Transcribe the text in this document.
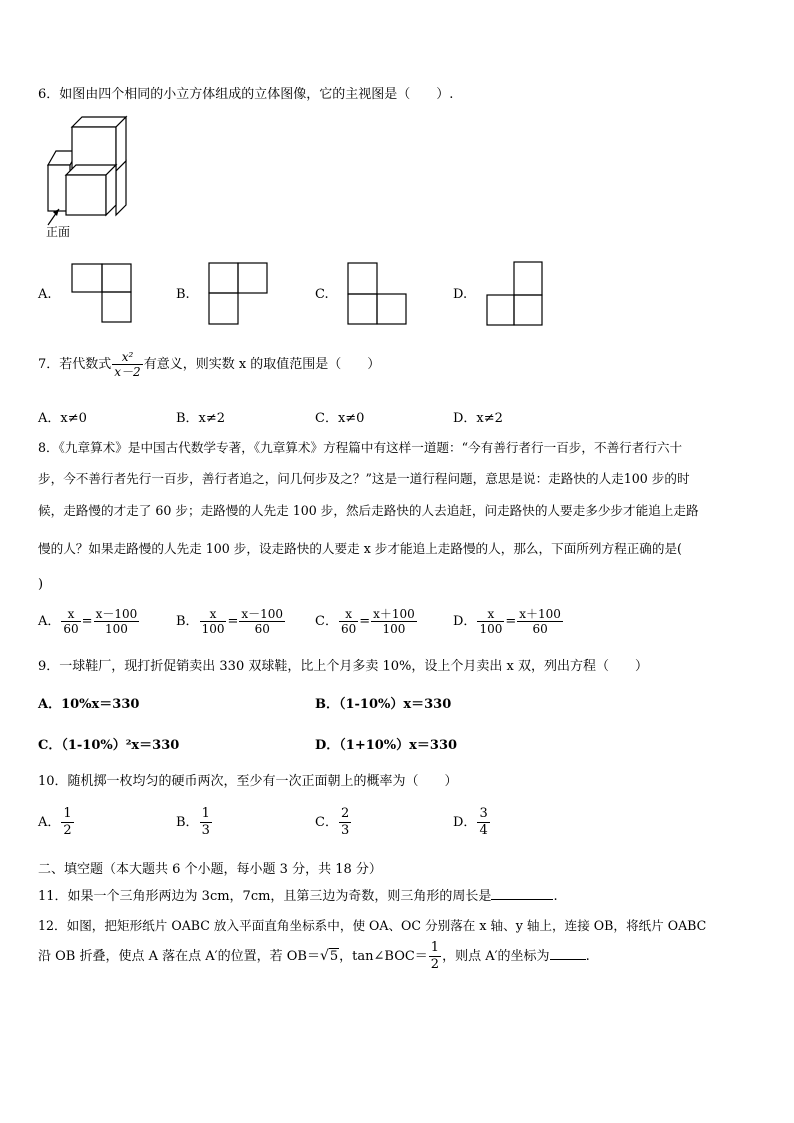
6．如图由四个相同的小立方体组成的立体图像，它的主视图是（　　）.
正面
A.	B.	C.	D.
7．若代数式 $\frac{\text{x²}}{x-2}$ 有意义，则实数 x 的取值范围是（　　）
A．x≠0	B．x≠2	C．x≠0	D．x≠2
8．《九章算术》是中国古代数学专著，《九章算术》方程篇中有这样一道题：“今有善行者行一百步，不善行者行六十
步，今不善行者先行一百步，善行者追之，问几何步及之？”这是一道行程问题，意思是说：走路快的人走100 步的时
候，走路慢的才走了 60 步；走路慢的人先走 100 步，然后走路快的人去追赶，问走路快的人要走多少步才能追上走路
慢的人？如果走路慢的人先走 100 步，设走路快的人要走 x 步才能追上走路慢的人，那么，下面所列方程正确的是(
)
A． $\frac{x}{60} = \frac{x-100}{100}$	B． $\frac{x}{100} = \frac{x-100}{60}$ C． $\frac{x}{60} = \frac{x+100}{100}$	D． $\frac{x}{100} = \frac{x+100}{60}$
9．一球鞋厂，现打折促销卖出 330 双球鞋，比上个月多卖 10%，设上个月卖出 x 双，列出方程（　　）
A．10%x＝330	B．（1-10%）x＝330
C．（1-10%）²x＝330	D．（1+10%）x＝330
10．随机掷一枚均匀的硬币两次，至少有一次正面朝上的概率为（　　）
A． $\frac{1}{2}$	B． $\frac{1}{3}$	C． $\frac{2}{3}$	D． $\frac{3}{4}$
二、填空题（本大题共 6 个小题，每小题 3 分，共 18 分）
11．如果一个三角形两边为 3cm，7cm，且第三边为奇数，则三角形的周长是	.
12．如图，把矩形纸片 OABC 放入平面直角坐标系中，使 OA、OC 分别落在 x 轴、y 轴上，连接 OB，将纸片 OABC
沿 OB 折叠，使点 A 落在点 A′的位置，若 OB＝√5，tan∠BOC＝ $\frac{1}{2}$ ，则点 A′的坐标为	.
